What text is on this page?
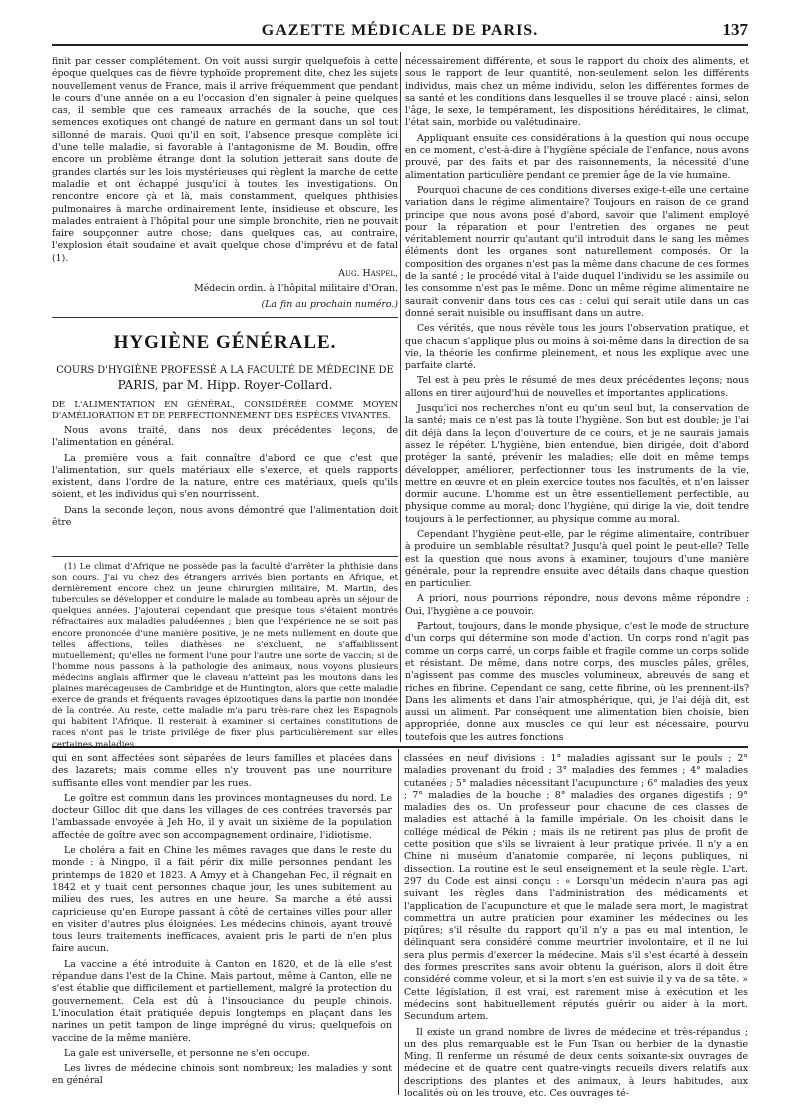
GAZETTE MÉDICALE DE PARIS.	137

finit par cesser complétement. On voit aussi surgir quelquefois à cette époque quelques cas de fièvre typhoïde proprement dite, chez les sujets nouvellement venus de France, mais il arrive fréquemment que pendant le cours d'une année on a eu l'occasion d'en signaler à peine quelques cas, il semble que ces rameaux arrachés de la souche, que ces semences exotiques ont changé de nature en germant dans un sol tout sillonné de marais. Quoi qu'il en soit, l'absence presque complète ici d'une telle maladie, si favorable à l'antagonisme de M. Boudin, offre encore un problème étrange dont la solution jetterait sans doute de grandes clartés sur les lois mystérieuses qui règlent la marche de cette maladie et ont échappé jusqu'ici à toutes les investigations. On rencontre encore çà et là, mais constamment, quelques phthisies pulmonaires à marche ordinairement lente, insidieuse et obscure, les malades entraient à l'hôpital pour une simple bronchite, rien ne pouvait faire soupçonner autre chose; dans quelques cas, au contraire, l'explosion était soudaine et avait quelque chose d'imprévu et de fatal (1).

Aug. Haspel,

Médecin ordin. à l'hôpital militaire d'Oran.

(La fin au prochain numéro.)

HYGIÈNE GÉNÉRALE.
COURS D'HYGIÈNE PROFESSÉ A LA FACULTÉ DE MÉDECINE DE
PARIS, par M. Hipp. Royer-Collard.

DE L'ALIMENTATION EN GÉNÉRAL, CONSIDÉRÉE COMME MOYEN D'AMÉLIORATION ET DE PERFECTIONNEMENT DES ESPÈCES VIVANTES.

Nous avons traité, dans nos deux précédentes leçons, de l'alimentation en général.

La première vous a fait connaître d'abord ce que c'est que l'alimentation, sur quels matériaux elle s'exerce, et quels rapports existent, dans l'ordre de la nature, entre ces matériaux, quels qu'ils soient, et les individus qui s'en nourrissent.

Dans la seconde leçon, nous avons démontré que l'alimentation doit être

(1) Le climat d'Afrique ne possède pas la faculté d'arrêter la phthisie dans son cours. J'ai vu chez des étrangers arrivés bien portants en Afrique, et dernièrement encore chez un jeune chirurgien militaire, M. Martin, des tubercules se développer et conduire le malade au tombeau après un séjour de quelques années. J'ajouterai cependant que presque tous s'étaient montrés réfractaires aux maladies paludéennes ; bien que l'expérience ne se soit pas encore prononcée d'une manière positive, je ne mets nullement en doute que telles affections, telles diathèses ne s'excluent, ne s'affaiblissent mutuellement; qu'elles ne forment l'une pour l'autre une sorte de vaccin; si de l'homme nous passons à la pathologie des animaux, nous voyons plusieurs médecins anglais affirmer que le claveau n'atteint pas les moutons dans les plaines marécageuses de Cambridge et de Huntington, alors que cette maladie exerce de grands et fréquents ravages épizootiques dans la partie non inondée de la contrée. Au reste, cette maladie m'a paru très-rare chez les Espagnols qui habitent l'Afrique. Il resterait à examiner si certaines constitutions de races n'ont pas le triste privilége de fixer plus particulièrement sur elles certaines maladies.

nécessairement différente, et sous le rapport du choix des aliments, et sous le rapport de leur quantité, non-seulement selon les différents individus, mais chez un même individu, selon les différentes formes de sa santé et les conditions dans lesquelles il se trouve placé : ainsi, selon l'âge, le sexe, le tempérament, les dispositions héréditaires, le climat, l'état sain, morbide ou valétudinaire.

Appliquant ensuite ces considérations à la question qui nous occupe en ce moment, c'est-à-dire à l'hygiène spéciale de l'enfance, nous avons prouvé, par des faits et par des raisonnements, la nécessité d'une alimentation particulière pendant ce premier âge de la vie humaine.

Pourquoi chacune de ces conditions diverses exige-t-elle une certaine variation dans le régime alimentaire? Toujours en raison de ce grand principe que nous avons posé d'abord, savoir que l'aliment employé pour la réparation et pour l'entretien des organes ne peut véritablement nourrir qu'autant qu'il introduit dans le sang les mêmes éléments dont les organes sont naturellement composés. Or la composition des organes n'est pas la même dans chacune de ces formes de la santé ; le procédé vital à l'aide duquel l'individu se les assimile ou les consomme n'est pas le même. Donc un même régime alimentaire ne saurait convenir dans tous ces cas : celui qui serait utile dans un cas donné serait nuisible ou insuffisant dans un autre.

Ces vérités, que nous révèle tous les jours l'observation pratique, et que chacun s'applique plus ou moins à soi-même dans la direction de sa vie, la théorie les confirme pleinement, et nous les explique avec une parfaite clarté.

Tel est à peu près le résumé de mes deux précédentes leçons; nous allons en tirer aujourd'hui de nouvelles et importantes applications.

Jusqu'ici nos recherches n'ont eu qu'un seul but, la conservation de la santé; mais ce n'est pas là toute l'hygiène. Son but est double; je l'ai dit déjà dans la leçon d'ouverture de ce cours, et je ne saurais jamais assez le répéter. L'hygiène, bien entendue, bien dirigée, doit d'abord protéger la santé, prévenir les maladies; elle doit en même temps développer, améliorer, perfectionner tous les instruments de la vie, mettre en œuvre et en plein exercice toutes nos facultés, et n'en laisser dormir aucune. L'homme est un être essentiellement perfectible, au physique comme au moral; donc l'hygiène, qui dirige la vie, doit tendre toujours à le perfectionner, au physique comme au moral.

Cependant l'hygiène peut-elle, par le régime alimentaire, contribuer à produire un semblable résultat? Jusqu'à quel point le peut-elle? Telle est la question que nous avons à examiner, toujours d'une manière générale, pour la reprendre ensuite avec détails dans chaque question en particulier.

A priori, nous pourrions répondre, nous devons même répondre : Oui, l'hygiène a ce pouvoir.

Partout, toujours, dans le monde physique, c'est le mode de structure d'un corps qui détermine son mode d'action. Un corps rond n'agit pas comme un corps carré, un corps faible et fragile comme un corps solide et résistant. De même, dans notre corps, des muscles pâles, grêles, n'agissent pas comme des muscles volumineux, abreuvés de sang et riches en fibrine. Cependant ce sang, cette fibrine, où les prennent-ils? Dans les aliments et dans l'air atmosphérique, qui, je l'ai déjà dit, est aussi un aliment. Par conséquent une alimentation bien choisie, bien appropriée, donne aux muscles ce qui leur est nécessaire, pourvu toutefois que les autres fonctions

qui en sont affectées sont séparées de leurs familles et placées dans des lazarets; mais comme elles n'y trouvent pas une nourriture suffisante elles vont mendier par les rues.

Le goître est commun dans les provinces montagneuses du nord. Le docteur Gilloc dit que dans les villages de ces contrées traversés par l'ambassade envoyée à Jeh Ho, il y avait un sixième de la population affectée de goître avec son accompagnement ordinaire, l'idiotisme.

Le choléra a fait en Chine les mêmes ravages que dans le reste du monde : à Ningpo, il a fait périr dix mille personnes pendant les printemps de 1820 et 1823. A Amyy et à Changehan Fec, il régnait en 1842 et y tuait cent personnes chaque jour, les unes subitement au milieu des rues, les autres en une heure. Sa marche a été aussi capricieuse qu'en Europe passant à côté de certaines villes pour aller en visiter d'autres plus éloignées. Les médecins chinois, ayant trouvé tous leurs traitements inefficaces, avaient pris le parti de n'en plus faire aucun.

La vaccine a été introduite à Canton en 1820, et de là elle s'est répandue dans l'est de la Chine. Mais partout, même à Canton, elle ne s'est établie que difficilement et partiellement, malgré la protection du gouvernement. Cela est dû à l'insouciance du peuple chinois. L'inoculation était pratiquée depuis longtemps en plaçant dans les narines un petit tampon de linge imprégné du virus; quelquefois on vaccine de la même manière.

La gale est universelle, et personne ne s'en occupe.

Les livres de médecine chinois sont nombreux; les maladies y sont en général

classées en neuf divisions : 1° maladies agissant sur le pouls ; 2° maladies provenant du froid ; 3° maladies des femmes ; 4° maladies cutanées ; 5° maladies nécessitant l'acupuncture ; 6° maladies des yeux ; 7° maladies de la bouche ; 8° maladies des organes digestifs ; 9° maladies des os. Un professeur pour chacune de ces classes de maladies est attaché à la famille impériale. On les choisit dans le collége médical de Pékin ; mais ils ne retirent pas plus de profit de cette position que s'ils se livraient à leur pratique privée. Il n'y a en Chine ni muséum d'anatomie comparée, ni leçons publiques, ni dissection. La routine est le seul enseignement et la seule règle. L'art. 297 du Code est ainsi conçu : « Lorsqu'un médecin n'aura pas agi suivant les règles dans l'administration des médicaments et l'application de l'acupuncture et que le malade sera mort, le magistrat commettra un autre praticien pour examiner les médecines ou les piqûres; s'il résulte du rapport qu'il n'y a pas eu mal intention, le délinquant sera considéré comme meurtrier involontaire, et il ne lui sera plus permis d'exercer la médecine. Mais s'il s'est écarté à dessein des formes prescrites sans avoir obtenu la guérison, alors il doit être considéré comme voleur, et si la mort s'en est suivie il y va de sa tête. » Cette législation, il est vrai, est rarement mise à exécution et les médecins sont habituellement réputés guérir ou aider à la mort. Secundum artem.

Il existe un grand nombre de livres de médecine et très-répandus ; un des plus remarquable est le Fun Tsan ou herbier de la dynastie Ming. Il renferme un résumé de deux cents soixante-six ouvrages de médecine et de quatre cent quatre-vingts recueils divers relatifs aux descriptions des plantes et des animaux, à leurs habitudes, aux localités où on les trouve, etc. Ces ouvrages té-
